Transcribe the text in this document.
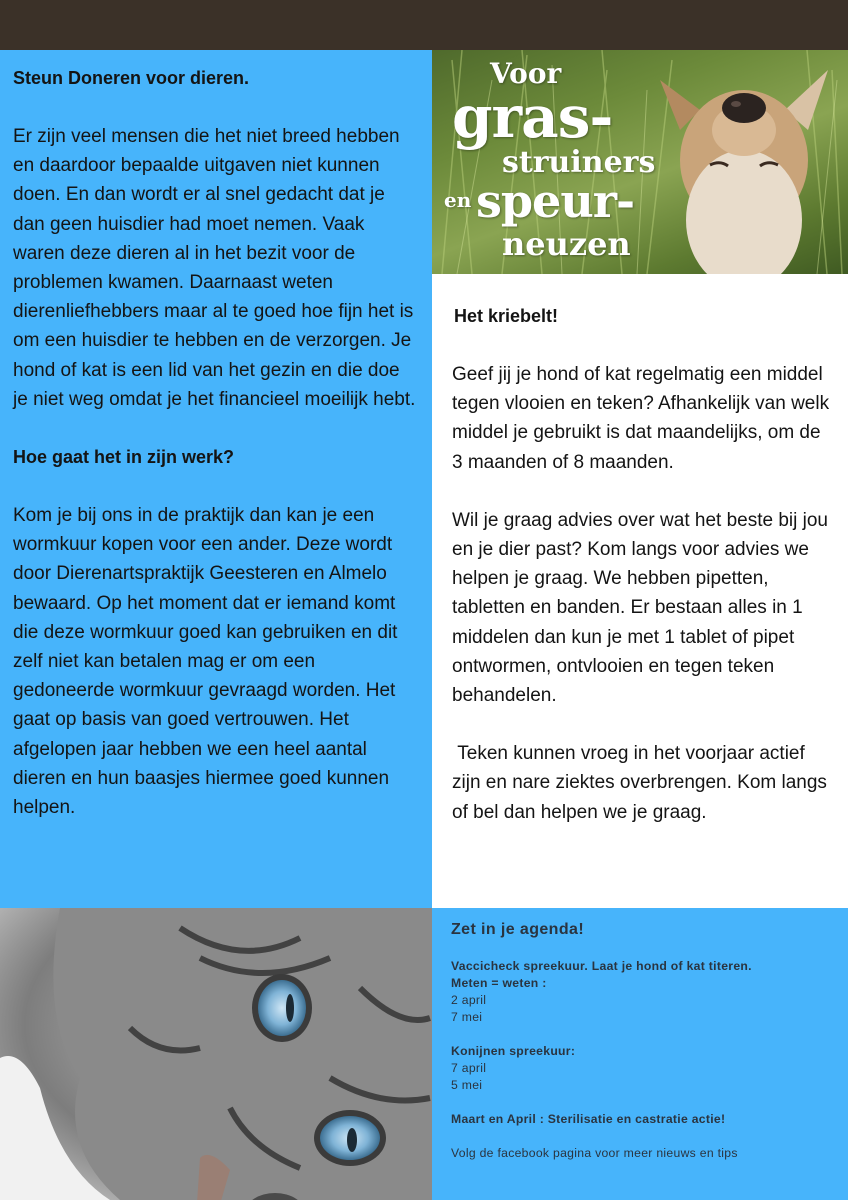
Steun Doneren voor dieren.

Er zijn veel mensen die het niet breed hebben en daardoor bepaalde uitgaven niet kunnen doen. En dan wordt er al snel gedacht dat je dan geen huisdier had moet nemen. Vaak waren deze dieren al in het bezit voor de problemen kwamen. Daarnaast weten dierenliefhebbers maar al te goed hoe fijn het is om een huisdier te hebben en de verzorgen. Je hond of kat is een lid van het gezin en die doe je niet weg omdat je het financieel moeilijk hebt.

Hoe gaat het in zijn werk?

Kom je bij ons in de praktijk dan kan je een wormkuur kopen voor een ander. Deze wordt door Dierenartspraktijk Geesteren en Almelo bewaard. Op het moment dat er iemand komt die deze wormkuur goed kan gebruiken en dit zelf niet kan betalen mag er om een gedoneerde wormkuur gevraagd worden. Het gaat op basis van goed vertrouwen. Het afgelopen jaar hebben we een heel aantal dieren en hun baasjes hiermee goed kunnen helpen.

Voor
gras-
struiners
en speur-
neuzen
Het kriebelt!

Geef jij je hond of kat regelmatig een middel tegen vlooien en teken? Afhankelijk van welk middel je gebruikt is dat maandelijks, om de 3 maanden of 8 maanden.

Wil je graag advies over wat het beste bij jou en je dier past? Kom langs voor advies we helpen je graag. We hebben pipetten, tabletten en banden. Er bestaan alles in 1 middelen dan kun je met 1 tablet of pipet ontwormen, ontvlooien en tegen teken behandelen.

Teken kunnen vroeg in het voorjaar actief zijn en nare ziektes overbrengen. Kom langs of bel dan helpen we je graag.

Zet in je agenda!
Vaccicheck spreekuur. Laat je hond of kat titeren.
Meten = weten :
2 april
7 mei
Konijnen spreekuur:
7 april
5 mei
Maart en April : Sterilisatie en castratie actie!
Volg de facebook pagina voor meer nieuws en tips
